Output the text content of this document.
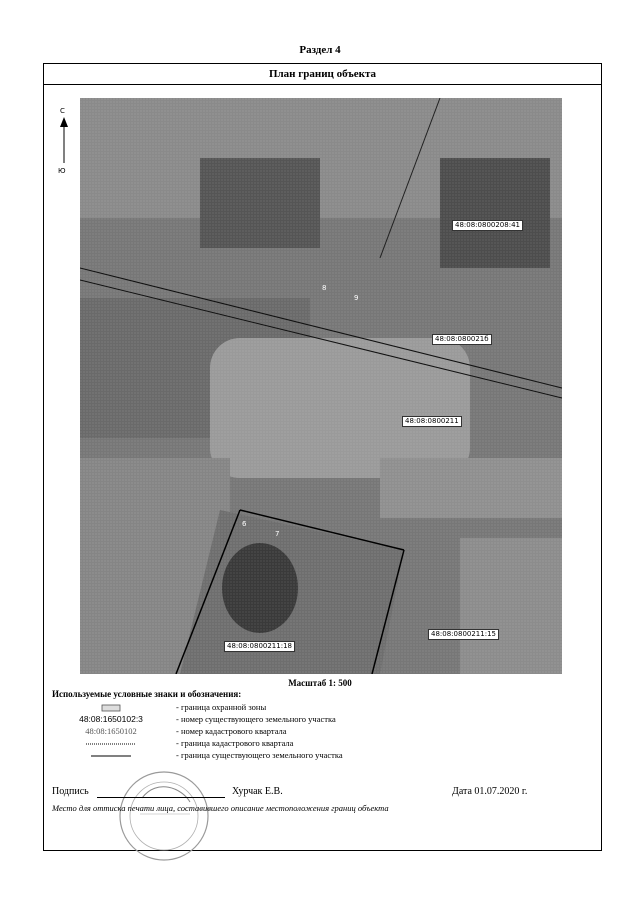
Раздел 4
План границ объекта
С
Ю
48:08:0800208:41
48:08:080021б
48:08:0800211
48:08:0800211:15
48:08:0800211:18
8
9
6
7
Масштаб 1: 500
Используемые условные знаки и обозначения:
- граница охранной зоны
48:08:1650102:3	- номер существующего земельного участка
48:08:1650102	- номер кадастрового квартала
- граница кадастрового квартала
- граница существующего земельного участка
Подпись	Хурчак Е.В.	Дата 01.07.2020 г.
Место для оттиска печати лица, составившего описание местоположения границ объекта
